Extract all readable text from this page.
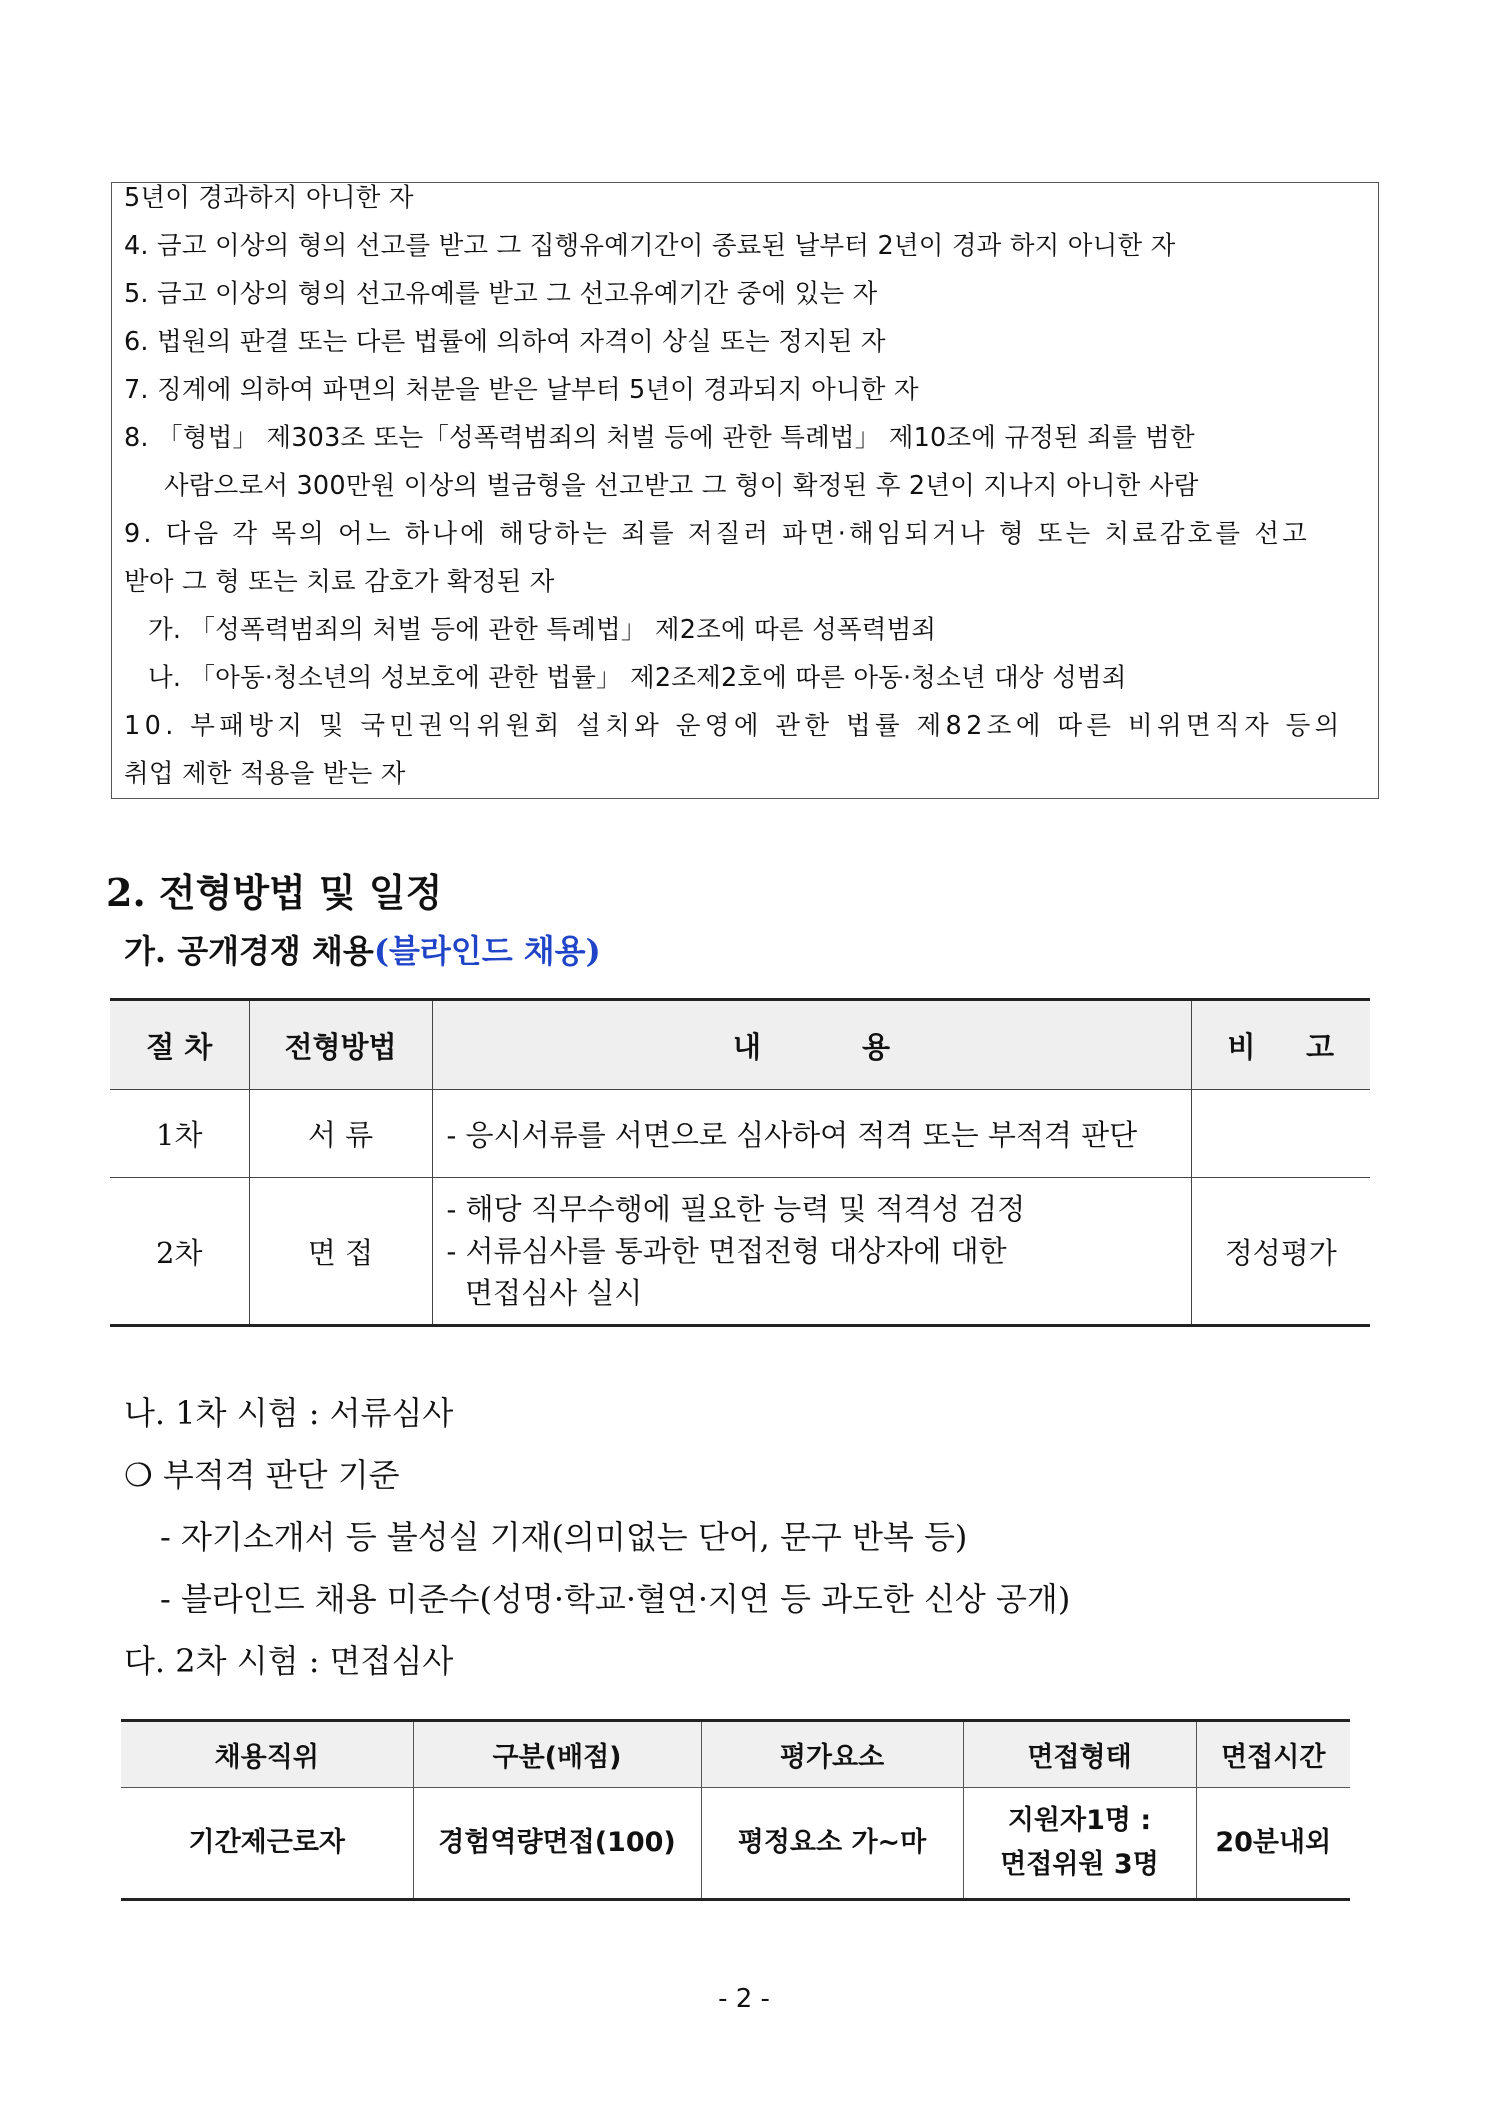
5년이 경과하지 아니한 자
4. 금고 이상의 형의 선고를 받고 그 집행유예기간이 종료된 날부터 2년이 경과 하지 아니한 자
5. 금고 이상의 형의 선고유예를 받고 그 선고유예기간 중에 있는 자
6. 법원의 판결 또는 다른 법률에 의하여 자격이 상실 또는 정지된 자
7. 징계에 의하여 파면의 처분을 받은 날부터 5년이 경과되지 아니한 자
8. 「형법」 제303조 또는「성폭력범죄의 처벌 등에 관한 특례법」 제10조에 규정된 죄를 범한
사람으로서 300만원 이상의 벌금형을 선고받고 그 형이 확정된 후 2년이 지나지 아니한 사람
9. 다음 각 목의 어느 하나에 해당하는 죄를 저질러 파면·해임되거나 형 또는 치료감호를 선고
받아 그 형 또는 치료 감호가 확정된 자
가. 「성폭력범죄의 처벌 등에 관한 특례법」 제2조에 따른 성폭력범죄
나. 「아동·청소년의 성보호에 관한 법률」 제2조제2호에 따른 아동·청소년 대상 성범죄
10. 부패방지 및 국민권익위원회 설치와 운영에 관한 법률 제82조에 따른 비위면직자 등의
취업 제한 적용을 받는 자
2. 전형방법 및 일정
가. 공개경쟁 채용(블라인드 채용)
절 차	전형방법	내          용	비     고
1차	서 류	- 응시서류를 서면으로 심사하여 적격 또는 부적격 판단	

2차	면 접	- 해당 직무수행에 필요한 능력 및 적격성 검정
- 서류심사를 통과한 면접전형 대상자에 대한
면접심사 실시	정성평가
나. 1차 시험 : 서류심사
❍ 부적격 판단 기준
- 자기소개서 등 불성실 기재(의미없는 단어, 문구 반복 등)
- 블라인드 채용 미준수(성명·학교·혈연·지연 등 과도한 신상 공개)
다. 2차 시험 : 면접심사
채용직위	구분(배점)	평가요소	면접형태	면접시간
기간제근로자	경험역량면접(100)	평정요소 가~마	지원자1명 :
면접위원 3명	20분내외
- 2 -
